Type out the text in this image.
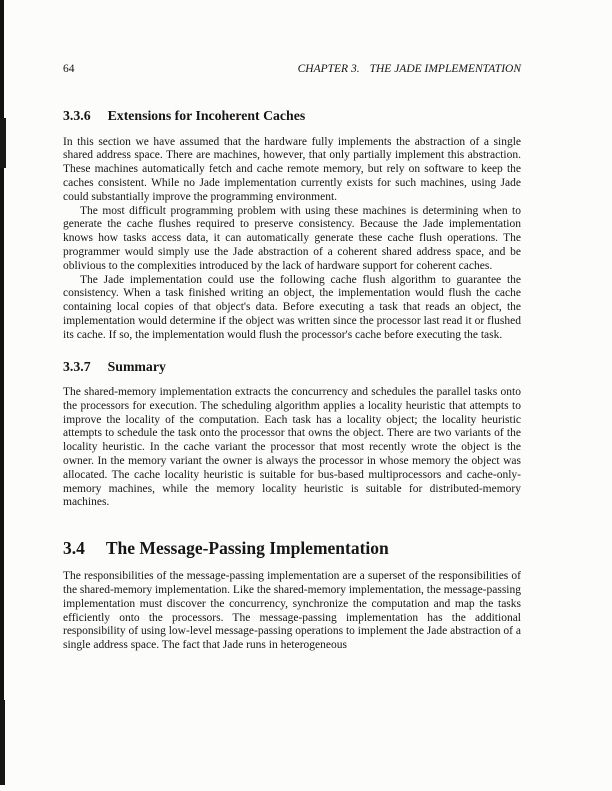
64	CHAPTER 3. THE JADE IMPLEMENTATION
3.3.6 Extensions for Incoherent Caches

In this section we have assumed that the hardware fully implements the abstraction of a single shared address space. There are machines, however, that only partially implement this abstraction. These machines automatically fetch and cache remote memory, but rely on software to keep the caches consistent. While no Jade implementation currently exists for such machines, using Jade could substantially improve the programming environment.

The most difficult programming problem with using these machines is determining when to generate the cache flushes required to preserve consistency. Because the Jade implementation knows how tasks access data, it can automatically generate these cache flush operations. The programmer would simply use the Jade abstraction of a coherent shared address space, and be oblivious to the complexities introduced by the lack of hardware support for coherent caches.

The Jade implementation could use the following cache flush algorithm to guarantee the consistency. When a task finished writing an object, the implementation would flush the cache containing local copies of that object's data. Before executing a task that reads an object, the implementation would determine if the object was written since the processor last read it or flushed its cache. If so, the implementation would flush the processor's cache before executing the task.

3.3.7 Summary

The shared-memory implementation extracts the concurrency and schedules the parallel tasks onto the processors for execution. The scheduling algorithm applies a locality heuristic that attempts to improve the locality of the computation. Each task has a locality object; the locality heuristic attempts to schedule the task onto the processor that owns the object. There are two variants of the locality heuristic. In the cache variant the processor that most recently wrote the object is the owner. In the memory variant the owner is always the processor in whose memory the object was allocated. The cache locality heuristic is suitable for bus-based multiprocessors and cache-only-memory machines, while the memory locality heuristic is suitable for distributed-memory machines.

3.4 The Message-Passing Implementation

The responsibilities of the message-passing implementation are a superset of the responsibilities of the shared-memory implementation. Like the shared-memory implementation, the message-passing implementation must discover the concurrency, synchronize the computation and map the tasks efficiently onto the processors. The message-passing implementation has the additional responsibility of using low-level message-passing operations to implement the Jade abstraction of a single address space. The fact that Jade runs in heterogeneous
